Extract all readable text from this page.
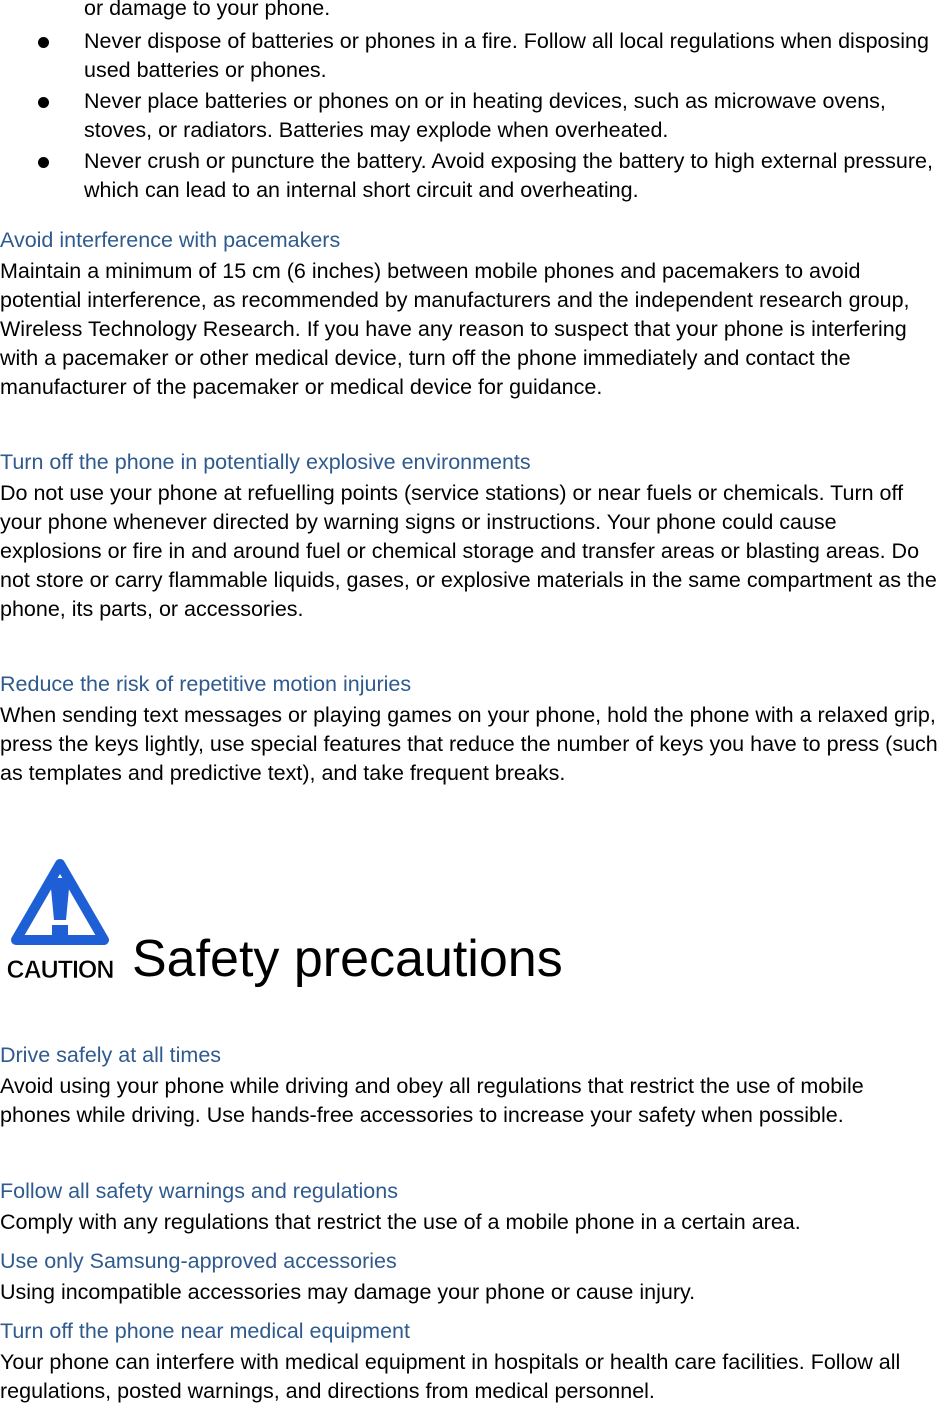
or damage to your phone.

Never dispose of batteries or phones in a fire. Follow all local regulations when disposing used batteries or phones.
Never place batteries or phones on or in heating devices, such as microwave ovens, stoves, or radiators. Batteries may explode when overheated.
Never crush or puncture the battery. Avoid exposing the battery to high external pressure, which can lead to an internal short circuit and overheating.

Avoid interference with pacemakers

Maintain a minimum of 15 cm (6 inches) between mobile phones and pacemakers to avoid potential interference, as recommended by manufacturers and the independent research group, Wireless Technology Research. If you have any reason to suspect that your phone is interfering with a pacemaker or other medical device, turn off the phone immediately and contact the manufacturer of the pacemaker or medical device for guidance.

Turn off the phone in potentially explosive environments

Do not use your phone at refuelling points (service stations) or near fuels or chemicals. Turn off your phone whenever directed by warning signs or instructions. Your phone could cause explosions or fire in and around fuel or chemical storage and transfer areas or blasting areas. Do not store or carry flammable liquids, gases, or explosive materials in the same compartment as the phone, its parts, or accessories.

Reduce the risk of repetitive motion injuries

When sending text messages or playing games on your phone, hold the phone with a relaxed grip, press the keys lightly, use special features that reduce the number of keys you have to press (such as templates and predictive text), and take frequent breaks.

CAUTION Safety precautions

Drive safely at all times

Avoid using your phone while driving and obey all regulations that restrict the use of mobile phones while driving. Use hands-free accessories to increase your safety when possible.

Follow all safety warnings and regulations

Comply with any regulations that restrict the use of a mobile phone in a certain area.

Use only Samsung-approved accessories

Using incompatible accessories may damage your phone or cause injury.

Turn off the phone near medical equipment

Your phone can interfere with medical equipment in hospitals or health care facilities. Follow all regulations, posted warnings, and directions from medical personnel.
